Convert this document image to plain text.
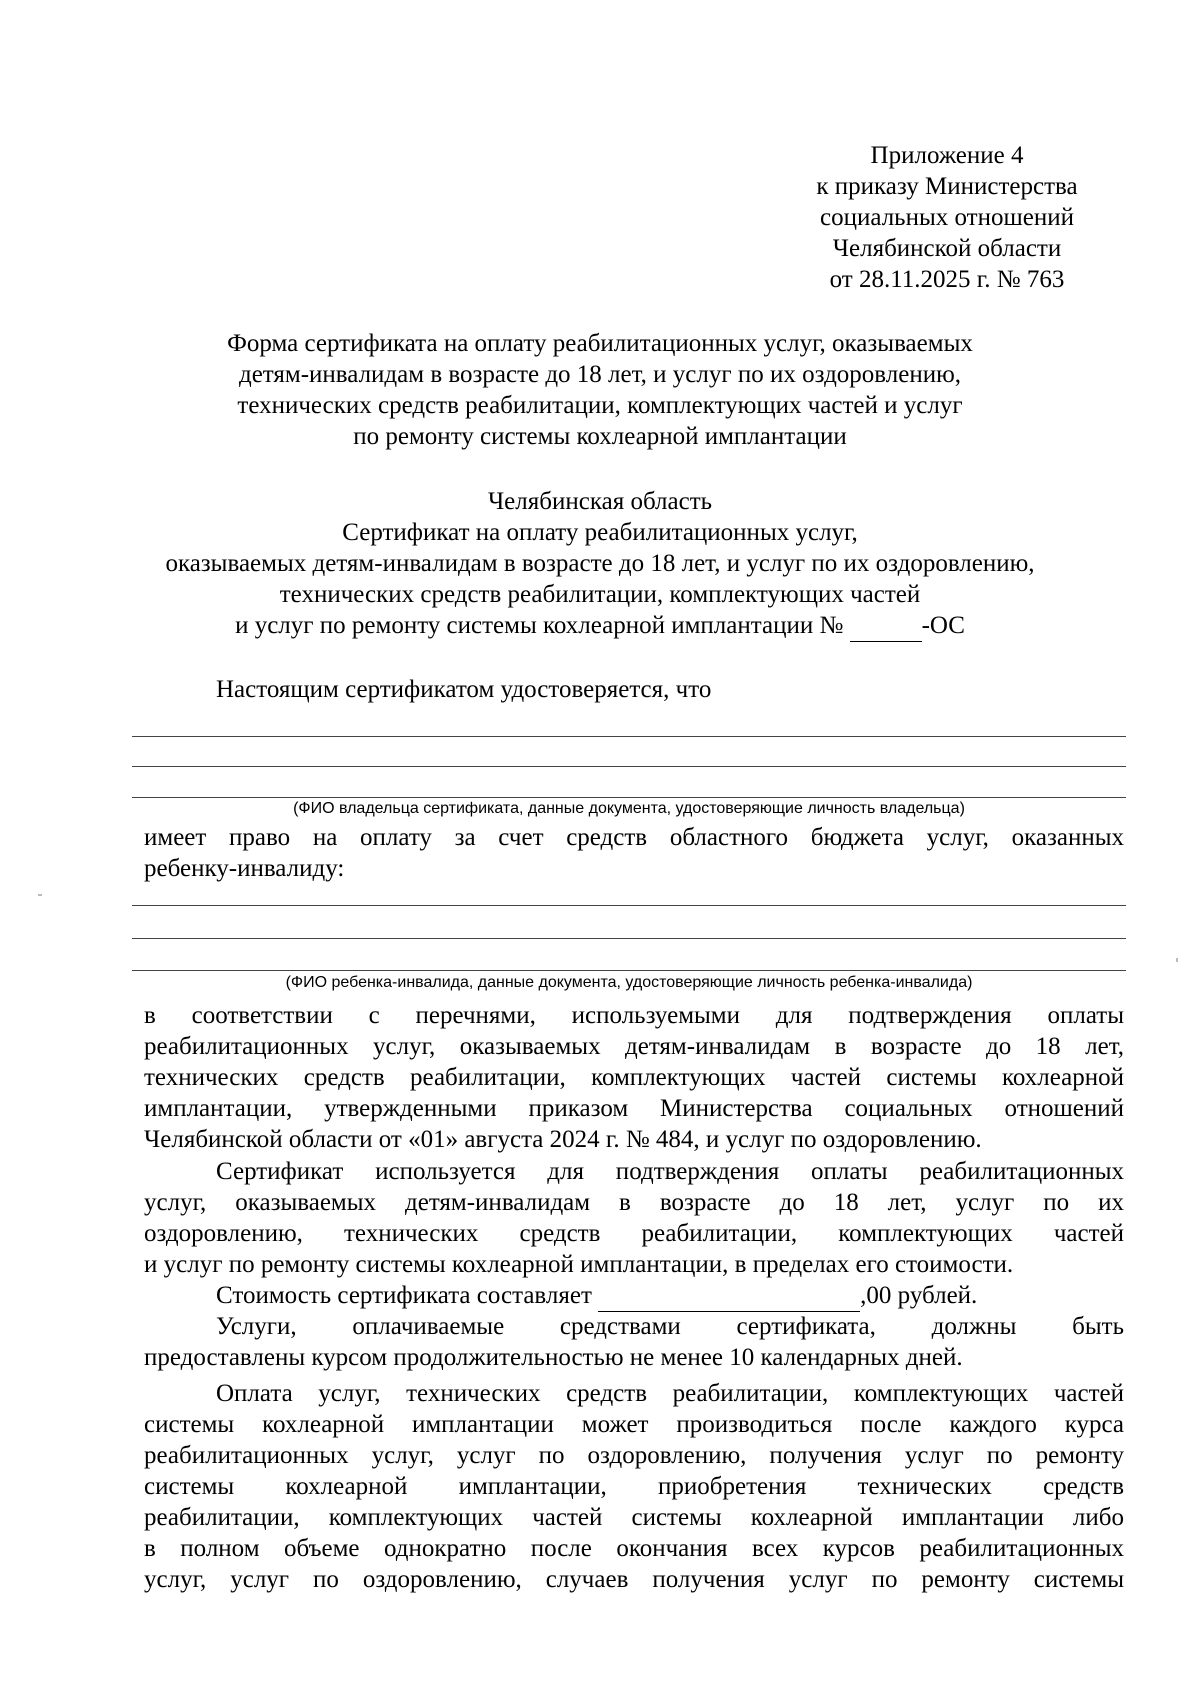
Приложение 4
к приказу Министерства
социальных отношений
Челябинской области
от 28.11.2025 г. № 763
Форма сертификата на оплату реабилитационных услуг, оказываемых
детям-инвалидам в возрасте до 18 лет, и услуг по их оздоровлению,
технических средств реабилитации, комплектующих частей и услуг
по ремонту системы кохлеарной имплантации
Челябинская область
Сертификат на оплату реабилитационных услуг,
оказываемых детям-инвалидам в возрасте до 18 лет, и услуг по их оздоровлению,
технических средств реабилитации, комплектующих частей
и услуг по ремонту системы кохлеарной имплантации №	-ОС
Настоящим сертификатом удостоверяется, что
(ФИО владельца сертификата, данные документа, удостоверяющие личность владельца)
имеет право на оплату за счет средств областного бюджета услуг, оказанных
ребенку-инвалиду:
(ФИО ребенка-инвалида, данные документа, удостоверяющие личность ребенка-инвалида)
в соответствии с перечнями, используемыми для подтверждения оплаты
реабилитационных услуг, оказываемых детям-инвалидам в возрасте до 18 лет,
технических средств реабилитации, комплектующих частей системы кохлеарной
имплантации, утвержденными приказом Министерства социальных отношений
Челябинской области от «01» августа 2024 г. № 484, и услуг по оздоровлению.
Сертификат используется для подтверждения оплаты реабилитационных
услуг, оказываемых детям-инвалидам в возрасте до 18 лет, услуг по их
оздоровлению, технических средств реабилитации, комплектующих частей
и услуг по ремонту системы кохлеарной имплантации, в пределах его стоимости.
Стоимость сертификата составляет	,00 рублей.
Услуги, оплачиваемые средствами сертификата, должны быть
предоставлены курсом продолжительностью не менее 10 календарных дней.
Оплата услуг, технических средств реабилитации, комплектующих частей
системы кохлеарной имплантации может производиться после каждого курса
реабилитационных услуг, услуг по оздоровлению, получения услуг по ремонту
системы кохлеарной имплантации, приобретения технических средств
реабилитации, комплектующих частей системы кохлеарной имплантации либо
в полном объеме однократно после окончания всех курсов реабилитационных
услуг, услуг по оздоровлению, случаев получения услуг по ремонту системы
